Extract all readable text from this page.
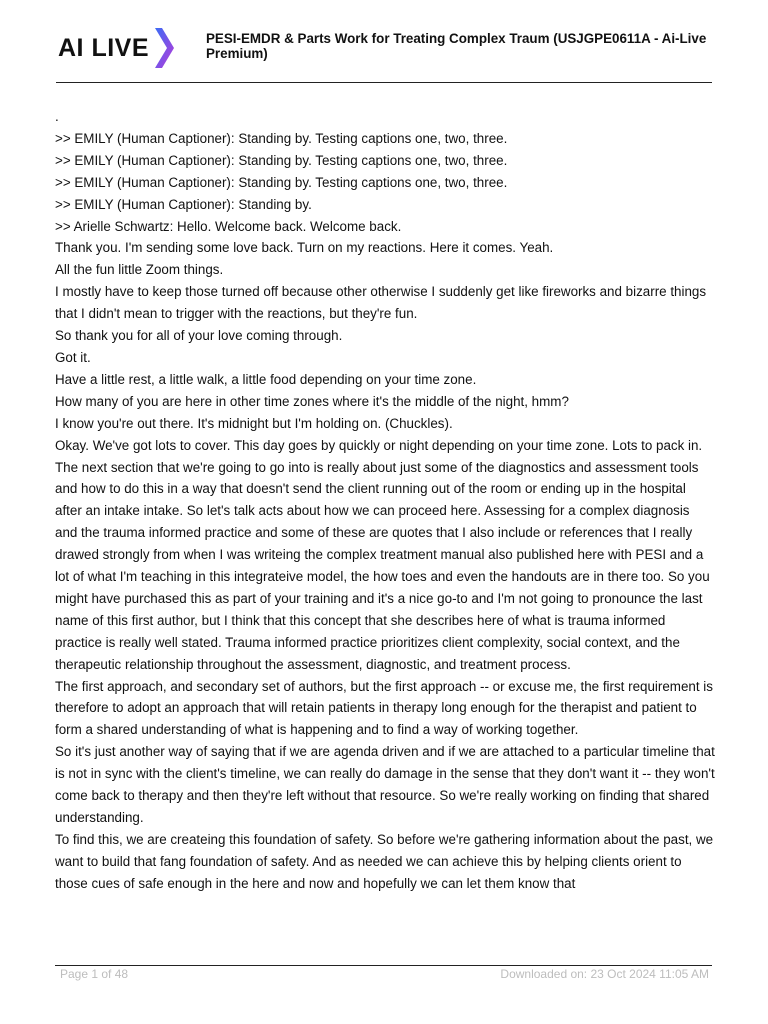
AI LIVE	PESI-EMDR & Parts Work for Treating Complex Traum (USJGPE0611A - Ai-Live Premium)

.

>> EMILY (Human Captioner): Standing by. Testing captions one, two, three.

>> EMILY (Human Captioner): Standing by. Testing captions one, two, three.

>> EMILY (Human Captioner): Standing by. Testing captions one, two, three.

>> EMILY (Human Captioner): Standing by.

>> Arielle Schwartz: Hello. Welcome back. Welcome back.

Thank you. I'm sending some love back. Turn on my reactions. Here it comes. Yeah.

All the fun little Zoom things.

I mostly have to keep those turned off because other otherwise I suddenly get like fireworks and bizarre things that I didn't mean to trigger with the reactions, but they're fun.

So thank you for all of your love coming through.

Got it.

Have a little rest, a little walk, a little food depending on your time zone.

How many of you are here in other time zones where it's the middle of the night, hmm?

I know you're out there. It's midnight but I'm holding on. (Chuckles).

Okay. We've got lots to cover. This day goes by quickly or night depending on your time zone. Lots to pack in. The next section that we're going to go into is really about just some of the diagnostics and assessment tools and how to do this in a way that doesn't send the client running out of the room or ending up in the hospital after an intake intake. So let's talk acts about how we can proceed here. Assessing for a complex diagnosis and the trauma informed practice and some of these are quotes that I also include or references that I really drawed strongly from when I was writeing the complex treatment manual also published here with PESI and a lot of what I'm teaching in this integrateive model, the how toes and even the handouts are in there too. So you might have purchased this as part of your training and it's a nice go-to and I'm not going to pronounce the last name of this first author, but I think that this concept that she describes here of what is trauma informed practice is really well stated. Trauma informed practice prioritizes client complexity, social context, and the therapeutic relationship throughout the assessment, diagnostic, and treatment process.

The first approach, and secondary set of authors, but the first approach -- or excuse me, the first requirement is therefore to adopt an approach that will retain patients in therapy long enough for the therapist and patient to form a shared understanding of what is happening and to find a way of working together.

So it's just another way of saying that if we are agenda driven and if we are attached to a particular timeline that is not in sync with the client's timeline, we can really do damage in the sense that they don't want it -- they won't come back to therapy and then they're left without that resource. So we're really working on finding that shared understanding.

To find this, we are createing this foundation of safety. So before we're gathering information about the past, we want to build that fang foundation of safety. And as needed we can achieve this by helping clients orient to those cues of safe enough in the here and now and hopefully we can let them know that

Page 1 of 48	Downloaded on: 23 Oct 2024 11:05 AM
